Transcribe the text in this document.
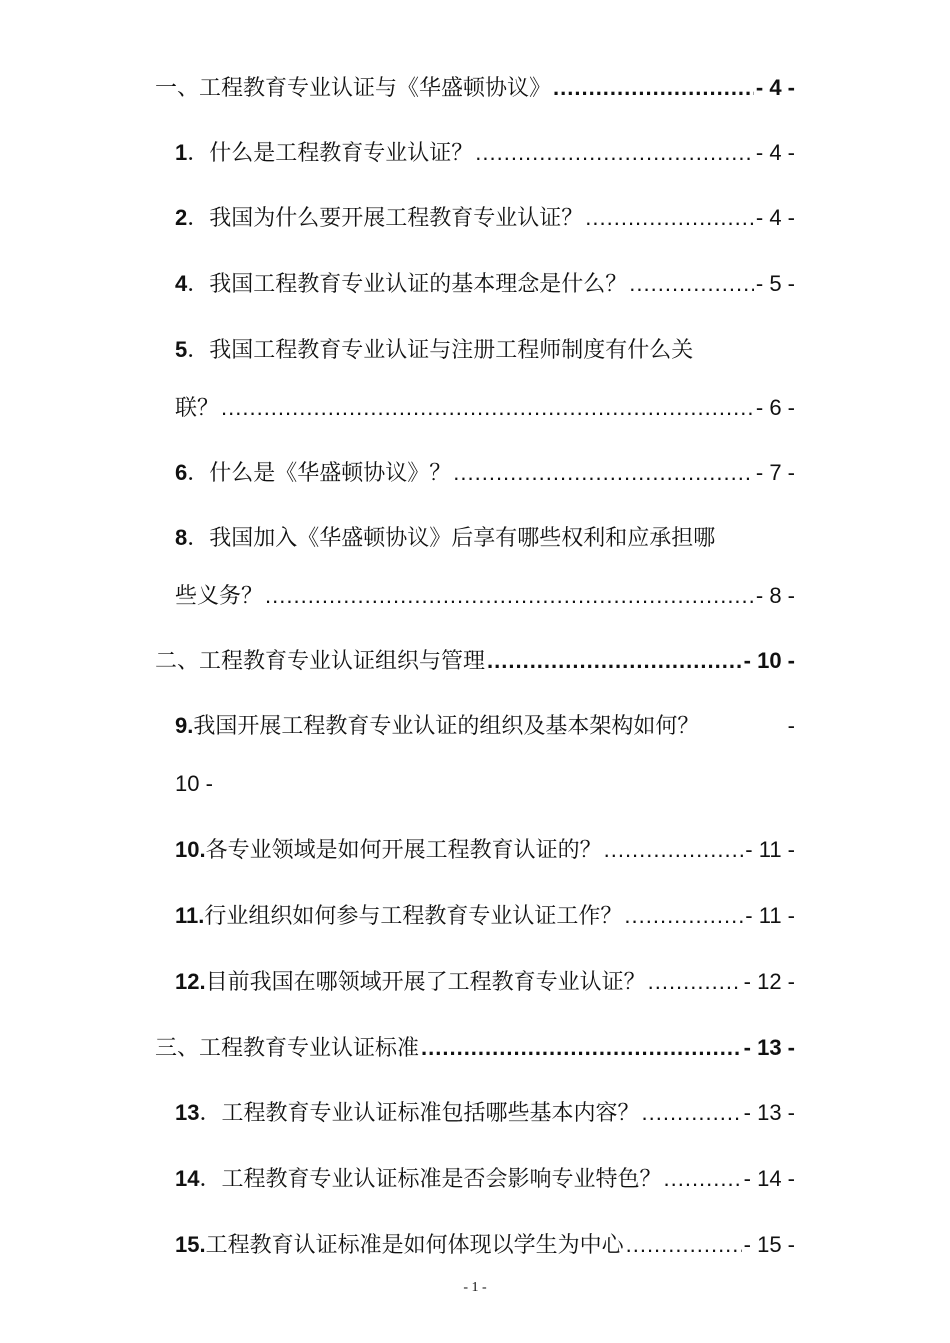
一、工程教育专业认证与《华盛顿协议》 .....	- 4 -
1 ．什么是工程教育专业认证？ .....	- 4 -
2 ．我国为什么要开展工程教育专业认证？ .....	- 4 -
4 ．我国工程教育专业认证的基本理念是什么？ .....	- 5 -
5 ．我国工程教育专业认证与注册工程师制度有什么关
联？ .....	- 6 -
6 ．什么是《华盛顿协议》？ .....	- 7 -
8 ．我国加入《华盛顿协议》后享有哪些权利和应承担哪
些义务？ .....	- 8 -
二、工程教育专业认证组织与管理 .....	- 10 -
9. 我国开展工程教育专业认证的组织及基本架构如何？	-
10 -
10. 各专业领域是如何开展工程教育认证的？ .....	- 11 -
11. 行业组织如何参与工程教育专业认证工作？ .....	- 11 -
12. 目前我国在哪领域开展了工程教育专业认证？ .....	- 12 -
三、工程教育专业认证标准 .....	- 13 -
13 ．工程教育专业认证标准包括哪些基本内容？ .....	- 13 -
14 ．工程教育专业认证标准是否会影响专业特色？ .....	- 14 -
15. 工程教育认证标准是如何体现以学生为中心 .....	- 15 -
- 1 -
